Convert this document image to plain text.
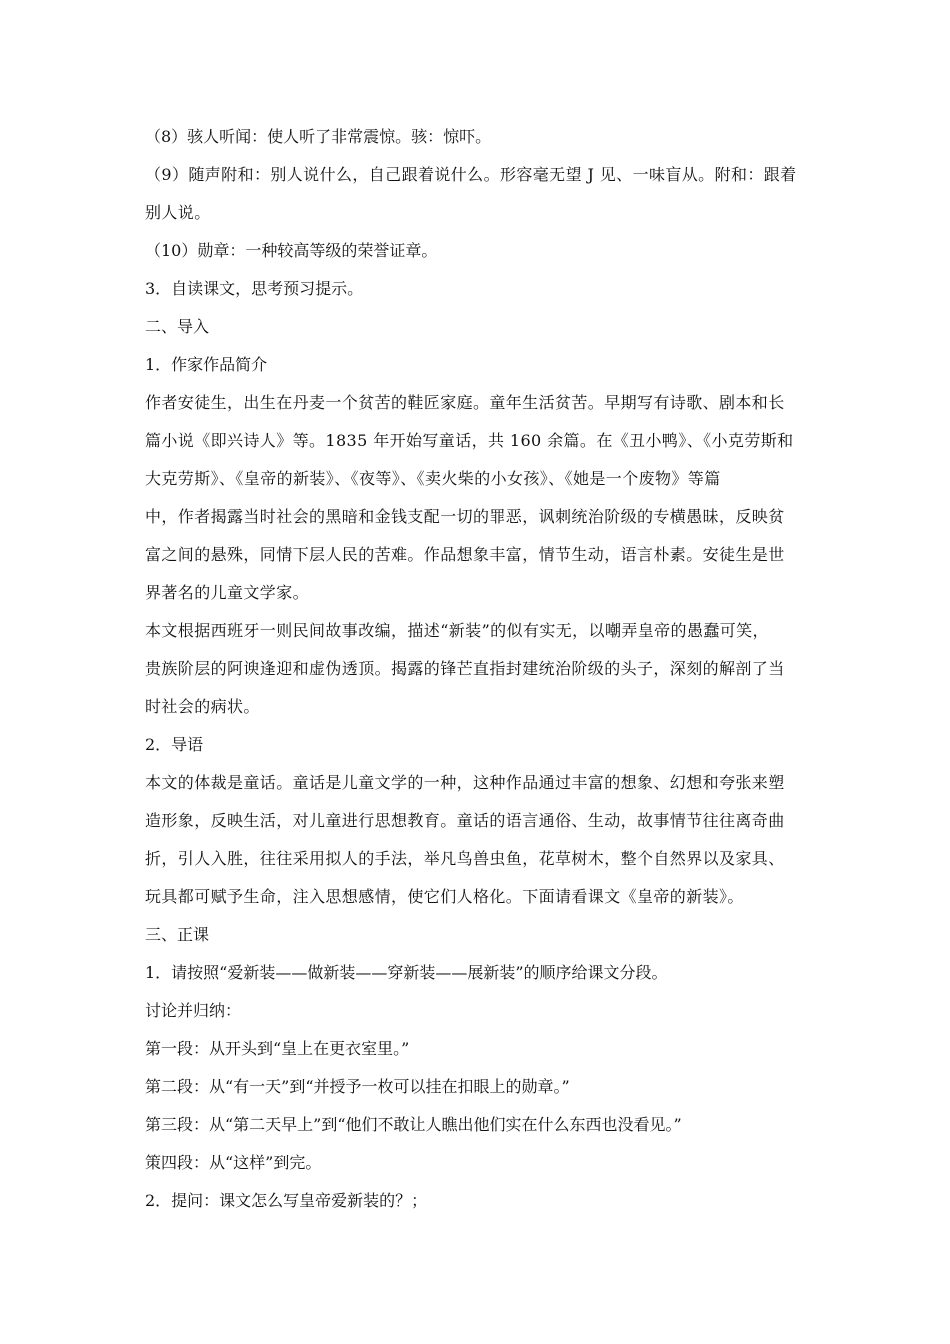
（8）骇人听闻：使人听了非常震惊。骇：惊吓。

（9）随声附和：别人说什么，自己跟着说什么。形容毫无望 J 见、一味盲从。附和：跟着
别人说。

（10）勋章：一种较高等级的荣誉证章。

3．自读课文，思考预习提示。

二、导入

1．作家作品简介

作者安徒生，出生在丹麦一个贫苦的鞋匠家庭。童年生活贫苦。早期写有诗歌、剧本和长
篇小说《即兴诗人》等。1835 年开始写童话，共 160 余篇。在《丑小鸭》、《小克劳斯和
大克劳斯》、《皇帝的新装》、《夜等》、《卖火柴的小女孩》、《她是一个废物》等篇
中，作者揭露当时社会的黑暗和金钱支配一切的罪恶，讽刺统治阶级的专横愚昧，反映贫
富之间的悬殊，同情下层人民的苦难。作品想象丰富，情节生动，语言朴素。安徒生是世
界著名的儿童文学家。

本文根据西班牙一则民间故事改编，描述“新装”的似有实无，以嘲弄皇帝的愚蠢可笑，
贵族阶层的阿谀逢迎和虚伪透顶。揭露的锋芒直指封建统治阶级的头子，深刻的解剖了当
时社会的病状。

2．导语

本文的体裁是童话。童话是儿童文学的一种，这种作品通过丰富的想象、幻想和夸张来塑
造形象，反映生活，对儿童进行思想教育。童话的语言通俗、生动，故事情节往往离奇曲
折，引人入胜，往往采用拟人的手法，举凡鸟兽虫鱼，花草树木，整个自然界以及家具、
玩具都可赋予生命，注入思想感情，使它们人格化。下面请看课文《皇帝的新装》。

三、正课

1．请按照“爱新装——做新装——穿新装——展新装”的顺序给课文分段。

讨论并归纳：

第一段：从开头到“皇上在更衣室里。”

第二段：从“有一天”到“并授予一枚可以挂在扣眼上的勋章。”

第三段：从“第二天早上”到“他们不敢让人瞧出他们实在什么东西也没看见。”

策四段：从“这样”到完。

2．提问：课文怎么写皇帝爱新装的？；
